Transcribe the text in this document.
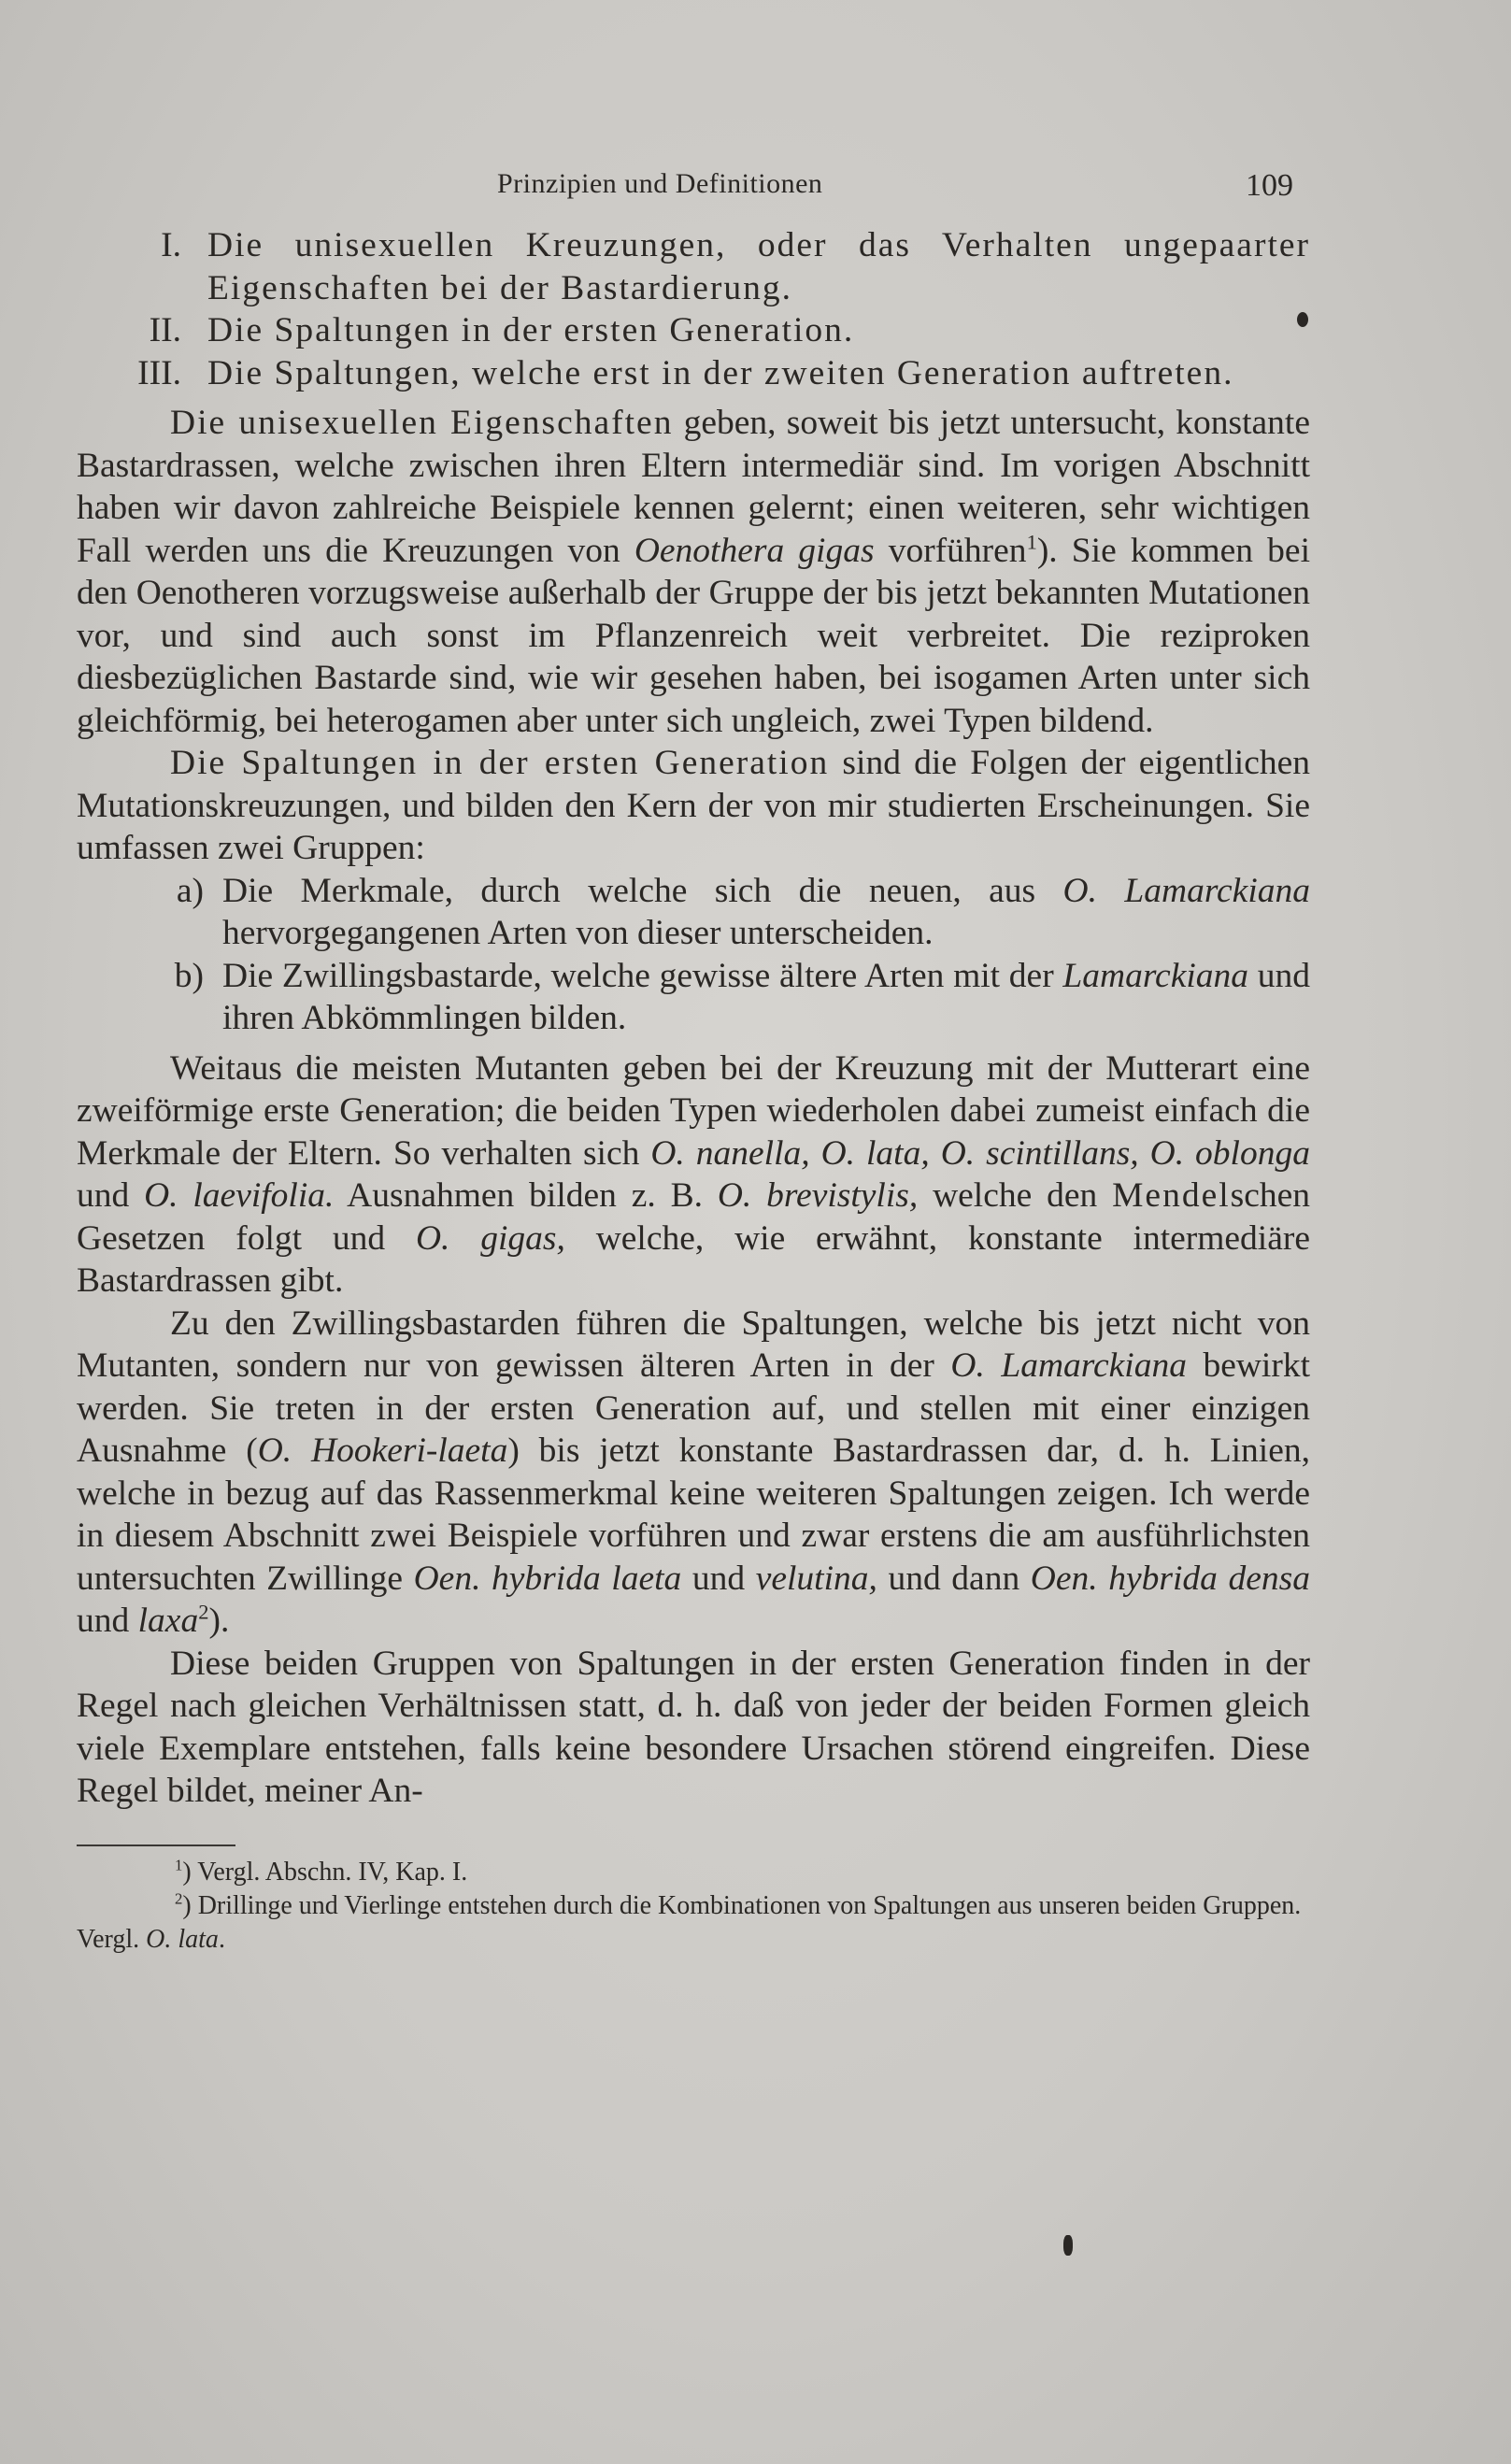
Prinzipien und Definitionen	109
I. Die unisexuellen Kreuzungen, oder das Verhalten ungepaarter Eigenschaften bei der Bastardierung.
II. Die Spaltungen in der ersten Generation.
III. Die Spaltungen, welche erst in der zweiten Generation auftreten.

Die unisexuellen Eigenschaften geben, soweit bis jetzt untersucht, konstante Bastardrassen, welche zwischen ihren Eltern intermediär sind. Im vorigen Abschnitt haben wir davon zahlreiche Beispiele kennen gelernt; einen weiteren, sehr wichtigen Fall werden uns die Kreuzungen von Oenothera gigas vorführen$^1$). Sie kommen bei den Oenotheren vorzugsweise außerhalb der Gruppe der bis jetzt bekannten Mutationen vor, und sind auch sonst im Pflanzenreich weit verbreitet. Die reziproken diesbezüglichen Bastarde sind, wie wir gesehen haben, bei isogamen Arten unter sich gleichförmig, bei heterogamen aber unter sich ungleich, zwei Typen bildend.

Die Spaltungen in der ersten Generation sind die Folgen der eigentlichen Mutationskreuzungen, und bilden den Kern der von mir studierten Erscheinungen. Sie umfassen zwei Gruppen:

a) Die Merkmale, durch welche sich die neuen, aus O. Lamarckiana hervorgegangenen Arten von dieser unterscheiden.
b) Die Zwillingsbastarde, welche gewisse ältere Arten mit der Lamarckiana und ihren Abkömmlingen bilden.

Weitaus die meisten Mutanten geben bei der Kreuzung mit der Mutterart eine zweiförmige erste Generation; die beiden Typen wiederholen dabei zumeist einfach die Merkmale der Eltern. So verhalten sich O. nanella, O. lata, O. scintillans, O. oblonga und O. laevifolia. Ausnahmen bilden z. B. O. brevistylis, welche den Mendelschen Gesetzen folgt und O. gigas, welche, wie erwähnt, konstante intermediäre Bastardrassen gibt.

Zu den Zwillingsbastarden führen die Spaltungen, welche bis jetzt nicht von Mutanten, sondern nur von gewissen älteren Arten in der O. Lamarckiana bewirkt werden. Sie treten in der ersten Generation auf, und stellen mit einer einzigen Ausnahme (O. Hookeri-laeta) bis jetzt konstante Bastardrassen dar, d. h. Linien, welche in bezug auf das Rassenmerkmal keine weiteren Spaltungen zeigen. Ich werde in diesem Abschnitt zwei Beispiele vorführen und zwar erstens die am ausführlichsten untersuchten Zwillinge Oen. hybrida laeta und velutina, und dann Oen. hybrida densa und laxa$^2$).

Diese beiden Gruppen von Spaltungen in der ersten Generation finden in der Regel nach gleichen Verhältnissen statt, d. h. daß von jeder der beiden Formen gleich viele Exemplare entstehen, falls keine besondere Ursachen störend eingreifen. Diese Regel bildet, meiner An-

$^1$) Vergl. Abschn. IV, Kap. I.
$^2$) Drillinge und Vierlinge entstehen durch die Kombinationen von Spaltungen aus unseren beiden Gruppen. Vergl. O. lata.
